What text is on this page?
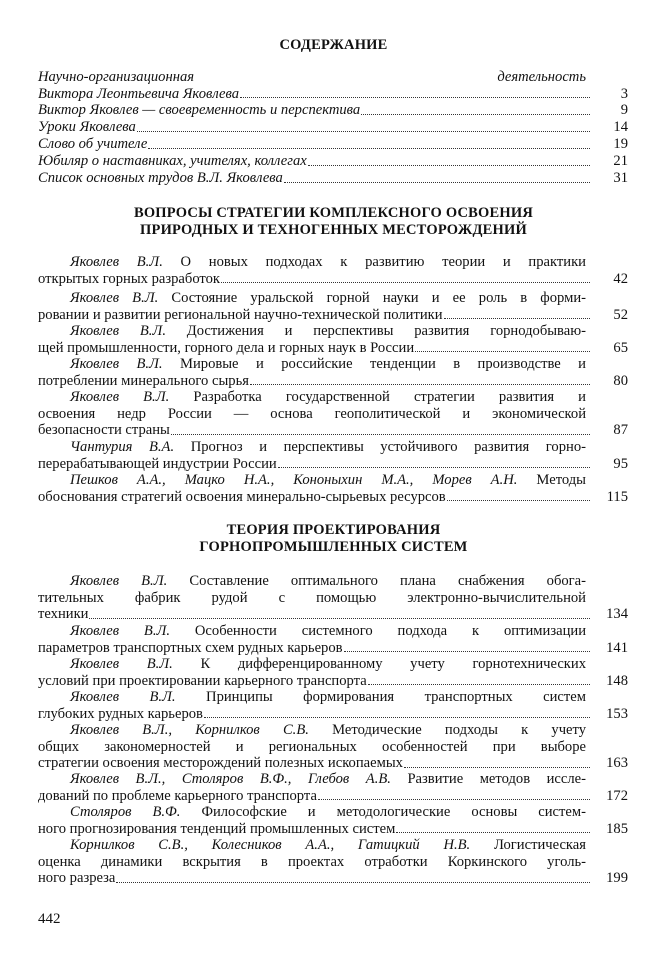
СОДЕРЖАНИЕ
Научно-организационная деятельность
Виктора Леонтьевича Яковлева	3
Виктор Яковлев — своевременность и перспектива	9
Уроки Яковлева	14
Слово об учителе	19
Юбиляр о наставниках, учителях, коллегах	21
Список основных трудов В.Л. Яковлева	31
ВОПРОСЫ СТРАТЕГИИ КОМПЛЕКСНОГО ОСВОЕНИЯ
ПРИРОДНЫХ И ТЕХНОГЕННЫХ МЕСТОРОЖДЕНИЙ
Яковлев В.Л. О новых подходах к развитию теории и практики
открытых горных разработок	42
Яковлев В.Л. Состояние уральской горной науки и ее роль в форми-
ровании и развитии региональной научно-технической политики	52
Яковлев В.Л. Достижения и перспективы развития горнодобываю-
щей промышленности, горного дела и горных наук в России	65
Яковлев В.Л. Мировые и российские тенденции в производстве и
потреблении минерального сырья	80
Яковлев В.Л. Разработка государственной стратегии развития и
освоения недр России — основа геополитической и экономической
безопасности страны	87
Чантурия В.А. Прогноз и перспективы устойчивого развития горно-
перерабатывающей индустрии России	95
Пешков А.А., Мацко Н.А., Кононыхин М.А., Морев А.Н. Методы
обоснования стратегий освоения минерально-сырьевых ресурсов	115
ТЕОРИЯ ПРОЕКТИРОВАНИЯ
ГОРНОПРОМЫШЛЕННЫХ СИСТЕМ
Яковлев В.Л. Составление оптимального плана снабжения обога-
тительных фабрик рудой с помощью электронно-вычислительной
техники	134
Яковлев В.Л. Особенности системного подхода к оптимизации
параметров транспортных схем рудных карьеров	141
Яковлев В.Л. К дифференцированному учету горнотехнических
условий при проектировании карьерного транспорта	148
Яковлев В.Л. Принципы формирования транспортных систем
глубоких рудных карьеров	153
Яковлев В.Л., Корнилков С.В. Методические подходы к учету
общих закономерностей и региональных особенностей при выборе
стратегии освоения месторождений полезных ископаемых	163
Яковлев В.Л., Столяров В.Ф., Глебов А.В. Развитие методов иссле-
дований по проблеме карьерного транспорта	172
Столяров В.Ф. Философские и методологические основы систем-
ного прогнозирования тенденций промышленных систем	185
Корнилков С.В., Колесников А.А., Гатицкий Н.В. Логистическая
оценка динамики вскрытия в проектах отработки Коркинского уголь-
ного разреза	199
442
